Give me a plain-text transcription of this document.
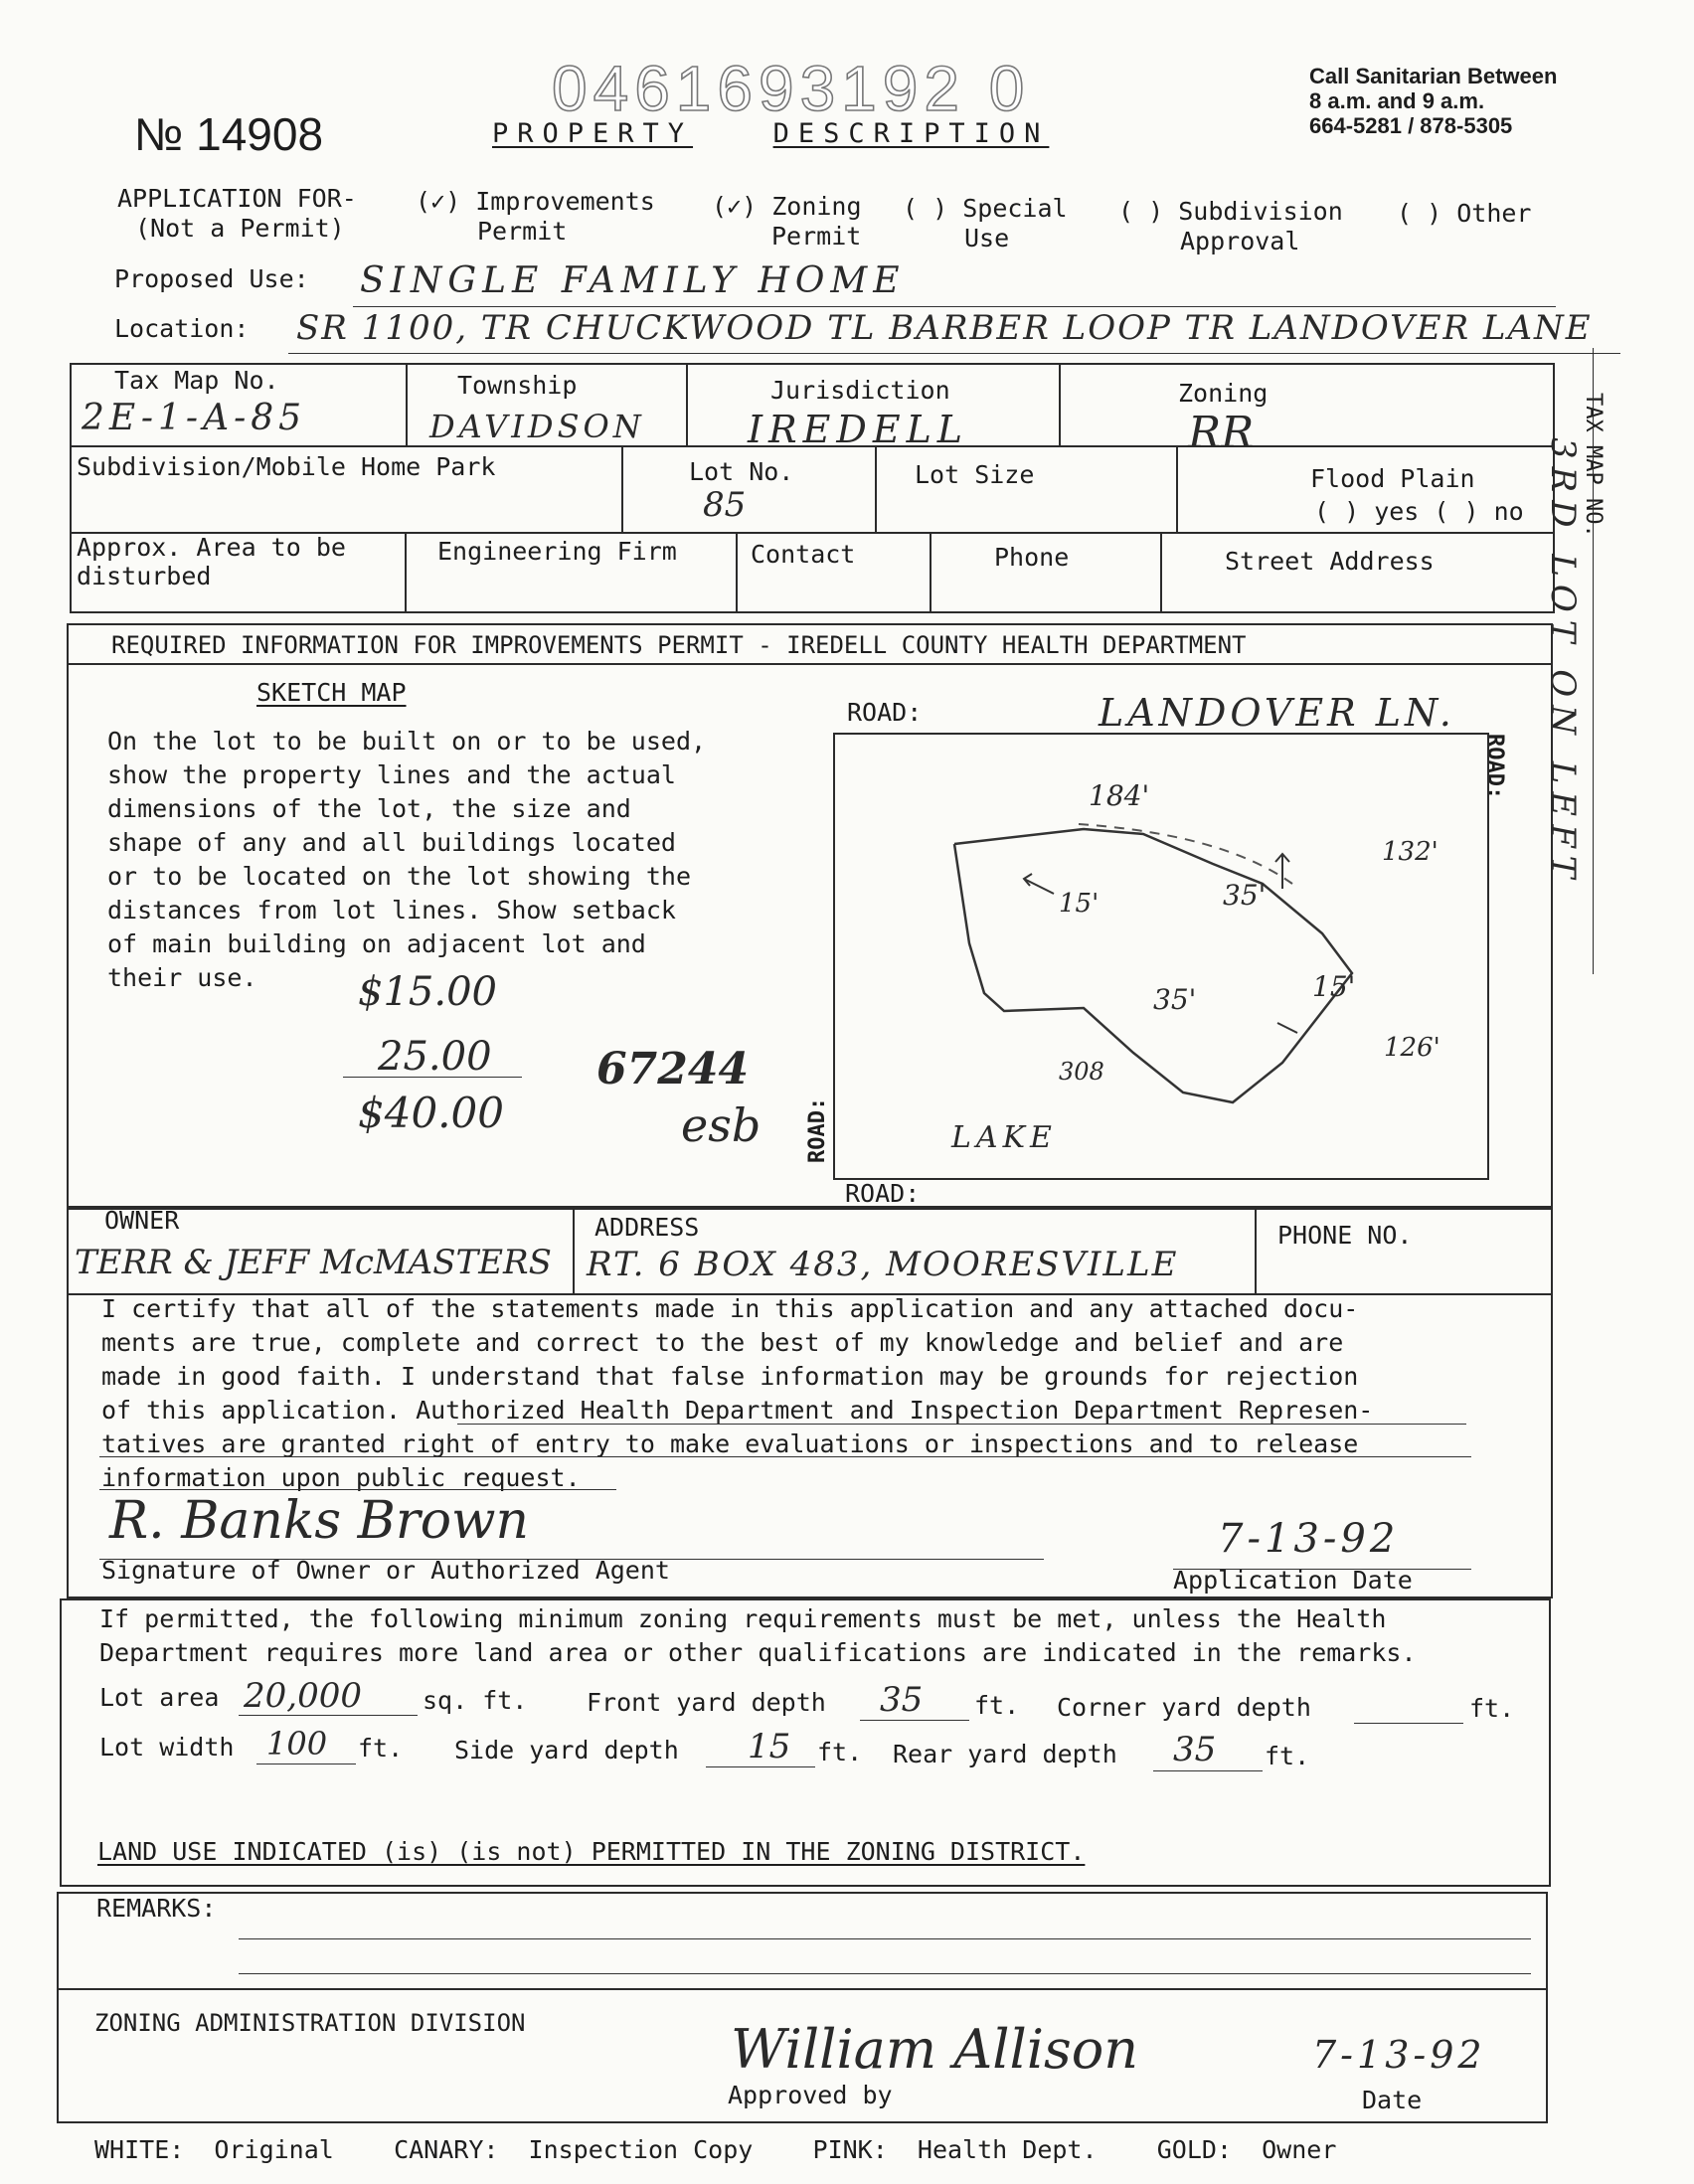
№ 14908
0461693192 0
PROPERTY	DESCRIPTION
Call Sanitarian Between
8 a.m. and 9 a.m.
664-5281 / 878-5305
APPLICATION FOR-
(Not a Permit)
(✓) Improvements
Permit
(✓) Zoning
Permit
( ) Special
Use
( ) Subdivision
Approval
( ) Other
Proposed Use: SINGLE FAMILY HOME
Location: SR 1100, TR CHUCKWOOD TL BARBER LOOP TR LANDOVER LANE
Tax Map No.
2E-1-A-85
Township
DAVIDSON
Jurisdiction
IREDELL
Zoning
RR
Subdivision/Mobile Home Park	Lot No.
85
Lot Size	Flood Plain
( ) yes ( ) no
Approx. Area to be
disturbed
Engineering Firm	Contact	Phone	Street Address
TAX MAP NO.
3RD LOT ON LEFT
REQUIRED INFORMATION FOR IMPROVEMENTS PERMIT - IREDELL COUNTY HEALTH DEPARTMENT
SKETCH MAP
On the lot to be built on or to be used,
show the property lines and the actual
dimensions of the lot, the size and
shape of any and all buildings located
or to be located on the lot showing the
distances from lot lines. Show setback
of main building on adjacent lot and
their use.	$15.00
25.00
$40.00
67244
esb
ROAD:	LANDOVER LN.
ROAD:
ROAD:
ROAD:
184'
132'
126'
308
15'	35'
35'	15'
LAKE
OWNER
TERR & JEFF McMASTERS
ADDRESS
RT. 6 BOX 483, MOORESVILLE
PHONE NO.
I certify that all of the statements made in this application and any attached docu-
ments are true, complete and correct to the best of my knowledge and belief and are
made in good faith. I understand that false information may be grounds for rejection
of this application. Authorized Health Department and Inspection Department Represen-
tatives are granted right of entry to make evaluations or inspections and to release
information upon public request.
R. Banks Brown	7-13-92
Signature of Owner or Authorized Agent	Application Date
If permitted, the following minimum zoning requirements must be met, unless the Health
Department requires more land area or other qualifications are indicated in the remarks.
Lot area 20,000 sq. ft. Front yard depth 35 ft. Corner yard depth	ft.
Lot width 100 ft. Side yard depth 15 ft. Rear yard depth 35 ft.
LAND USE INDICATED (is) (is not) PERMITTED IN THE ZONING DISTRICT.
REMARKS:
ZONING ADMINISTRATION DIVISION	William Allison
Approved by
7-13-92
Date
WHITE: Original CANARY: Inspection Copy PINK: Health Dept. GOLD: Owner
